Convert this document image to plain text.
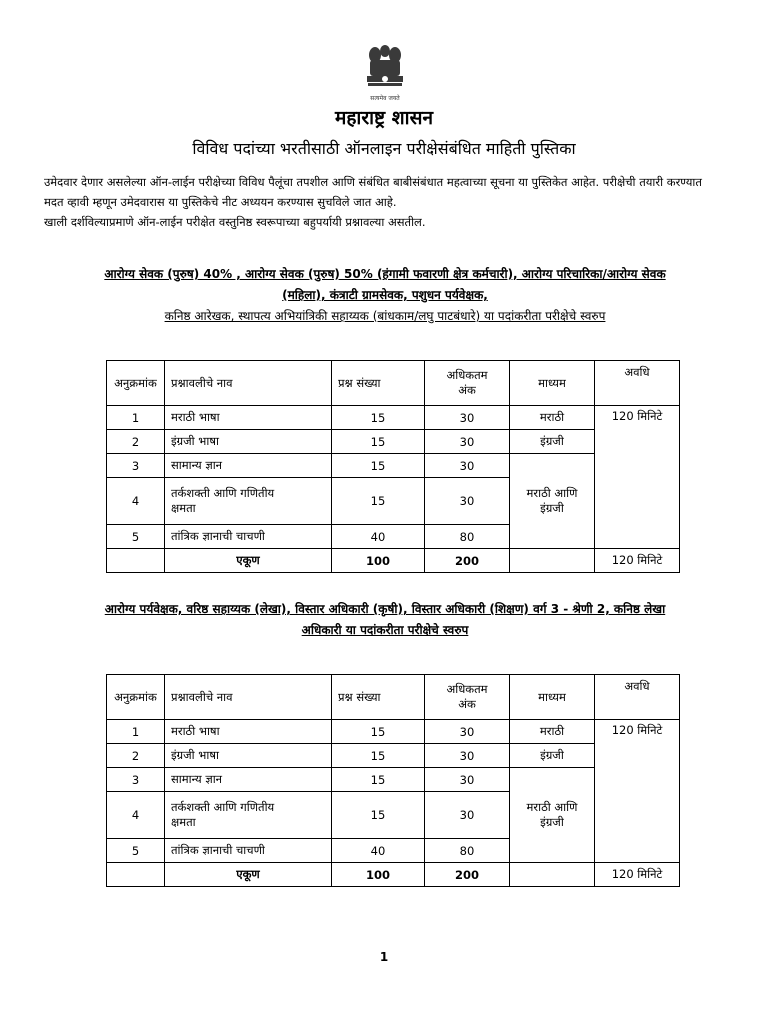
सत्यमेव जयते
महाराष्ट्र शासन
विविध पदांच्या भरतीसाठी ऑनलाइन परीक्षेसंबंधित माहिती पुस्तिका

उमेदवार देणार असलेल्या ऑन-लाईन परीक्षेच्या विविध पैलूंचा तपशील आणि संबंधित बाबीसंबंधात महत्वाच्या सूचना या पुस्तिकेत आहेत. परीक्षेची तयारी करण्यात मदत व्हावी म्हणून उमेदवारास या पुस्तिकेचे नीट अध्ययन करण्यास सुचविले जात आहे.

खाली दर्शविल्याप्रमाणे ऑन-लाईन परीक्षेत वस्तुनिष्ठ स्वरूपाच्या बहुपर्यायी प्रश्नावल्या असतील.

आरोग्य सेवक (पुरुष) 40% , आरोग्य सेवक (पुरुष) 50% (हंगामी फवारणी क्षेत्र कर्मचारी), आरोग्य परिचारिका/आरोग्य सेवक
(महिला), कंत्राटी ग्रामसेवक, पशुधन पर्यवेक्षक,
कनिष्ठ आरेखक, स्थापत्य अभियांत्रिकी सहाय्यक (बांधकाम/लघु पाटबंधारे) या पदांकरीता परीक्षेचे स्वरुप
अनुक्रमांक	प्रश्नावलीचे नाव	प्रश्न संख्या	अधिकतम
अंक	माध्यम	अवधि
1	मराठी भाषा	15	30	मराठी	120 मिनिटे
2	इंग्रजी भाषा	15	30	इंग्रजी	
3	सामान्य ज्ञान	15	30	मराठी आणि
इंग्रजी	
4	तर्कशक्ती आणि गणितीय
क्षमता	15	30		
5	तांत्रिक ज्ञानाची चाचणी	40	80		
	एकूण	100	200		120 मिनिटे
आरोग्य पर्यवेक्षक, वरिष्ठ सहाय्यक (लेखा), विस्तार अधिकारी (कृषी), विस्तार अधिकारी (शिक्षण) वर्ग 3 - श्रेणी 2, कनिष्ठ लेखा
अधिकारी या पदांकरीता परीक्षेचे स्वरुप
अनुक्रमांक	प्रश्नावलीचे नाव	प्रश्न संख्या	अधिकतम
अंक	माध्यम	अवधि
1	मराठी भाषा	15	30	मराठी	120 मिनिटे
2	इंग्रजी भाषा	15	30	इंग्रजी	
3	सामान्य ज्ञान	15	30	मराठी आणि
इंग्रजी	
4	तर्कशक्ती आणि गणितीय
क्षमता	15	30		
5	तांत्रिक ज्ञानाची चाचणी	40	80		
	एकूण	100	200		120 मिनिटे
1
